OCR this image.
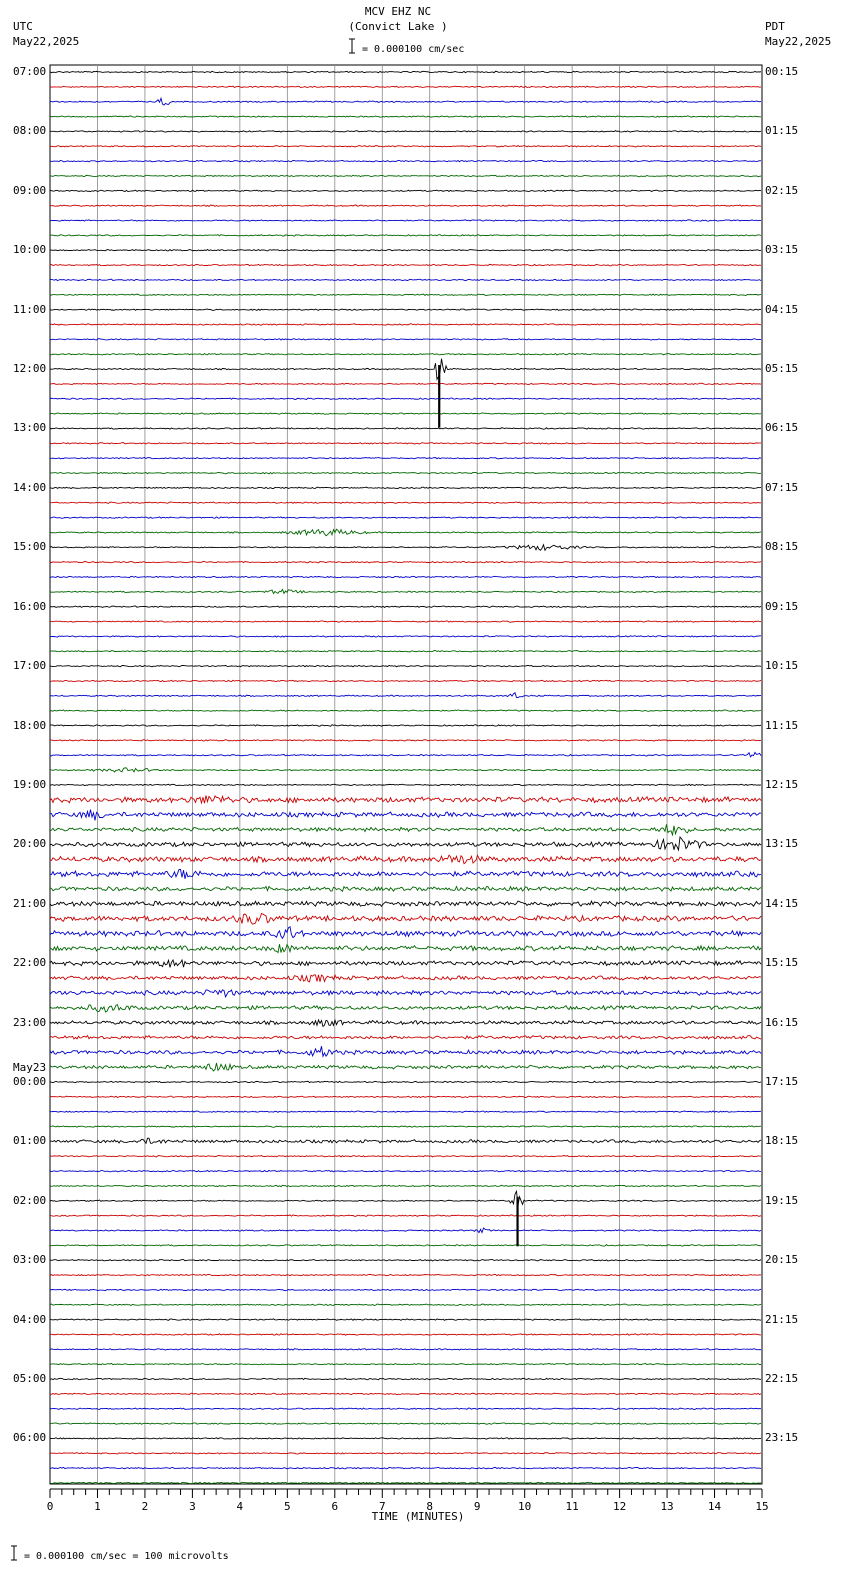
UTC
May22,2025
MCV EHZ NC
(Convict Lake )
= 0.000100 cm/sec
PDT
May22,2025
0	1	2	3	4	5	6	7	8	9	10	11	12	13	14	15
TIME (MINUTES)
= 0.000100 cm/sec = 100 microvolts
07:00
08:00
09:00
10:00
11:00
12:00
13:00
14:00
15:00
16:00
17:00
18:00
19:00
20:00
21:00
22:00
23:00
00:00
May23
01:00
02:00
03:00
04:00
05:00
06:00
00:15
01:15
02:15
03:15
04:15
05:15
06:15
07:15
08:15
09:15
10:15
11:15
12:15
13:15
14:15
15:15
16:15
17:15
18:15
19:15
20:15
21:15
22:15
23:15
